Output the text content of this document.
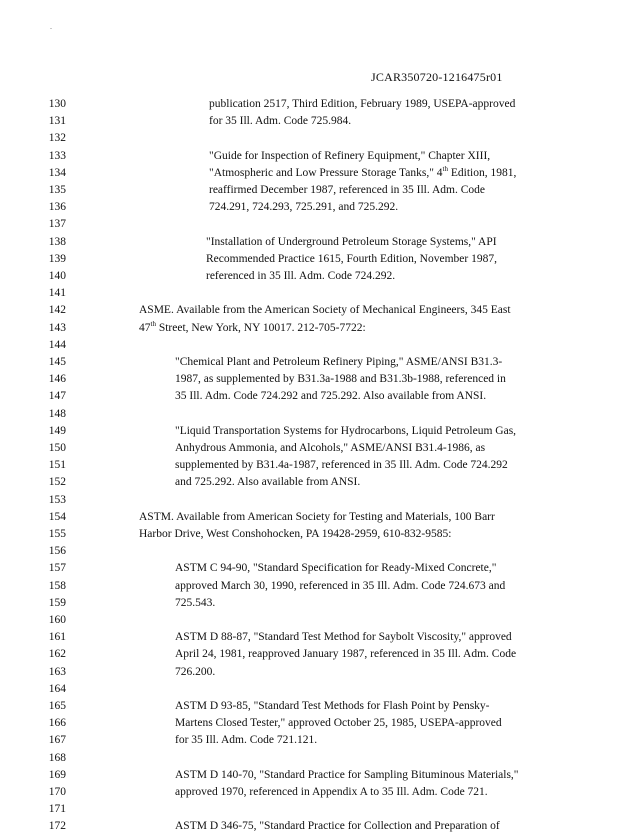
.
JCAR350720-1216475r01
130	publication 2517, Third Edition, February 1989, USEPA-approved
131	for 35 Ill. Adm. Code 725.984.
132
133	"Guide for Inspection of Refinery Equipment," Chapter XIII,
134	"Atmospheric and Low Pressure Storage Tanks," 4th Edition, 1981,
135	reaffirmed December 1987, referenced in 35 Ill. Adm. Code
136	724.291, 724.293, 725.291, and 725.292.
137
138	"Installation of Underground Petroleum Storage Systems," API
139	Recommended Practice 1615, Fourth Edition, November 1987,
140	referenced in 35 Ill. Adm. Code 724.292.
141
142	ASME. Available from the American Society of Mechanical Engineers, 345 East
143	47th Street, New York, NY 10017. 212-705-7722:
144
145	"Chemical Plant and Petroleum Refinery Piping," ASME/ANSI B31.3-
146	1987, as supplemented by B31.3a-1988 and B31.3b-1988, referenced in
147	35 Ill. Adm. Code 724.292 and 725.292. Also available from ANSI.
148
149	"Liquid Transportation Systems for Hydrocarbons, Liquid Petroleum Gas,
150	Anhydrous Ammonia, and Alcohols," ASME/ANSI B31.4-1986, as
151	supplemented by B31.4a-1987, referenced in 35 Ill. Adm. Code 724.292
152	and 725.292. Also available from ANSI.
153
154	ASTM. Available from American Society for Testing and Materials, 100 Barr
155	Harbor Drive, West Conshohocken, PA 19428-2959, 610-832-9585:
156
157	ASTM C 94-90, "Standard Specification for Ready-Mixed Concrete,"
158	approved March 30, 1990, referenced in 35 Ill. Adm. Code 724.673 and
159	725.543.
160
161	ASTM D 88-87, "Standard Test Method for Saybolt Viscosity," approved
162	April 24, 1981, reapproved January 1987, referenced in 35 Ill. Adm. Code
163	726.200.
164
165	ASTM D 93-85, "Standard Test Methods for Flash Point by Pensky-
166	Martens Closed Tester," approved October 25, 1985, USEPA-approved
167	for 35 Ill. Adm. Code 721.121.
168
169	ASTM D 140-70, "Standard Practice for Sampling Bituminous Materials,"
170	approved 1970, referenced in Appendix A to 35 Ill. Adm. Code 721.
171
172	ASTM D 346-75, "Standard Practice for Collection and Preparation of
